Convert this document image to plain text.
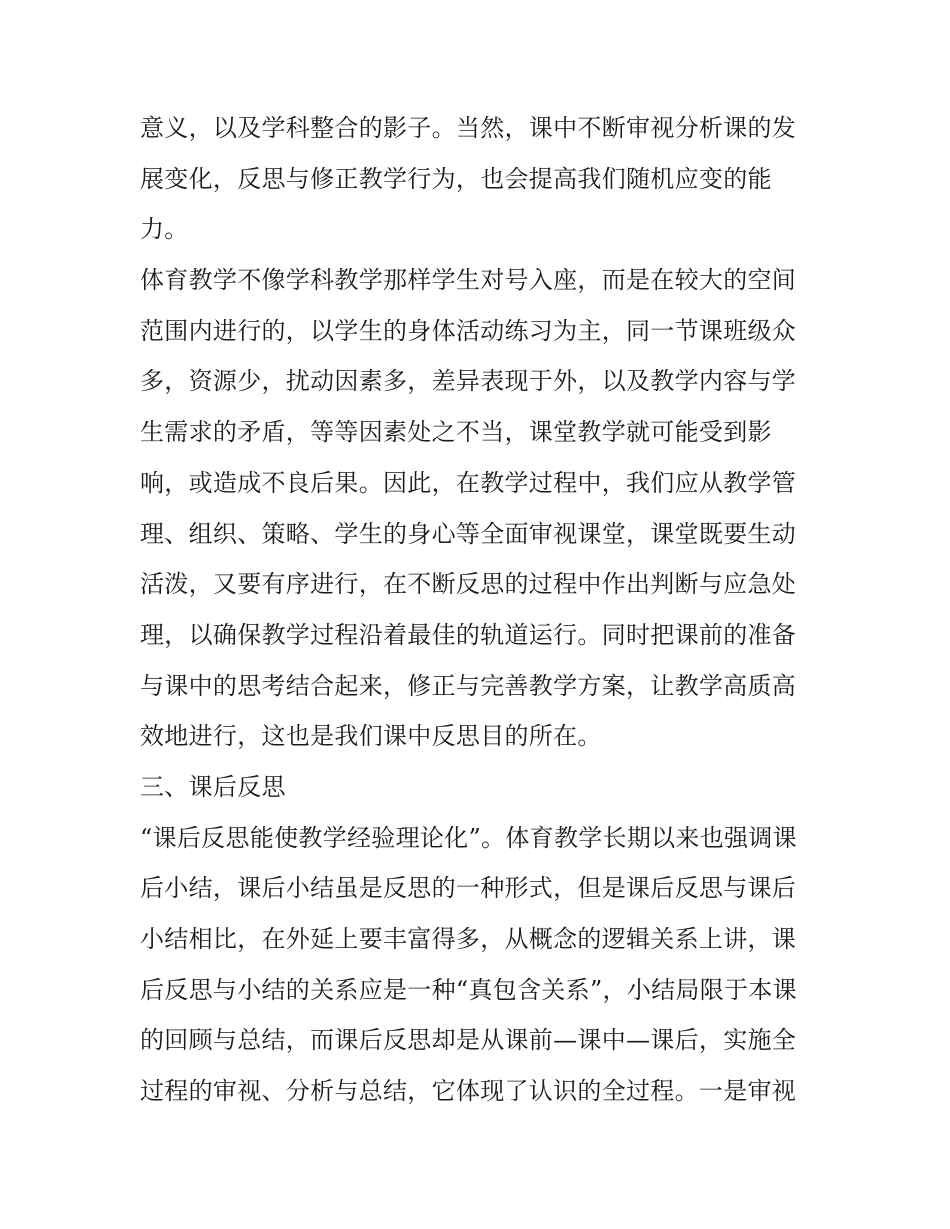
意义，以及学科整合的影子。当然，课中不断审视分析课的发
展变化，反思与修正教学行为，也会提高我们随机应变的能
力。
体育教学不像学科教学那样学生对号入座，而是在较大的空间
范围内进行的，以学生的身体活动练习为主，同一节课班级众
多，资源少，扰动因素多，差异表现于外，以及教学内容与学
生需求的矛盾，等等因素处之不当，课堂教学就可能受到影
响，或造成不良后果。因此，在教学过程中，我们应从教学管
理、组织、策略、学生的身心等全面审视课堂，课堂既要生动
活泼，又要有序进行，在不断反思的过程中作出判断与应急处
理，以确保教学过程沿着最佳的轨道运行。同时把课前的准备
与课中的思考结合起来，修正与完善教学方案，让教学高质高
效地进行，这也是我们课中反思目的所在。
三、课后反思
“课后反思能使教学经验理论化”。体育教学长期以来也强调课
后小结，课后小结虽是反思的一种形式，但是课后反思与课后
小结相比，在外延上要丰富得多，从概念的逻辑关系上讲，课
后反思与小结的关系应是一种“真包含关系”，小结局限于本课
的回顾与总结，而课后反思却是从课前—课中—课后，实施全
过程的审视、分析与总结，它体现了认识的全过程。一是审视
